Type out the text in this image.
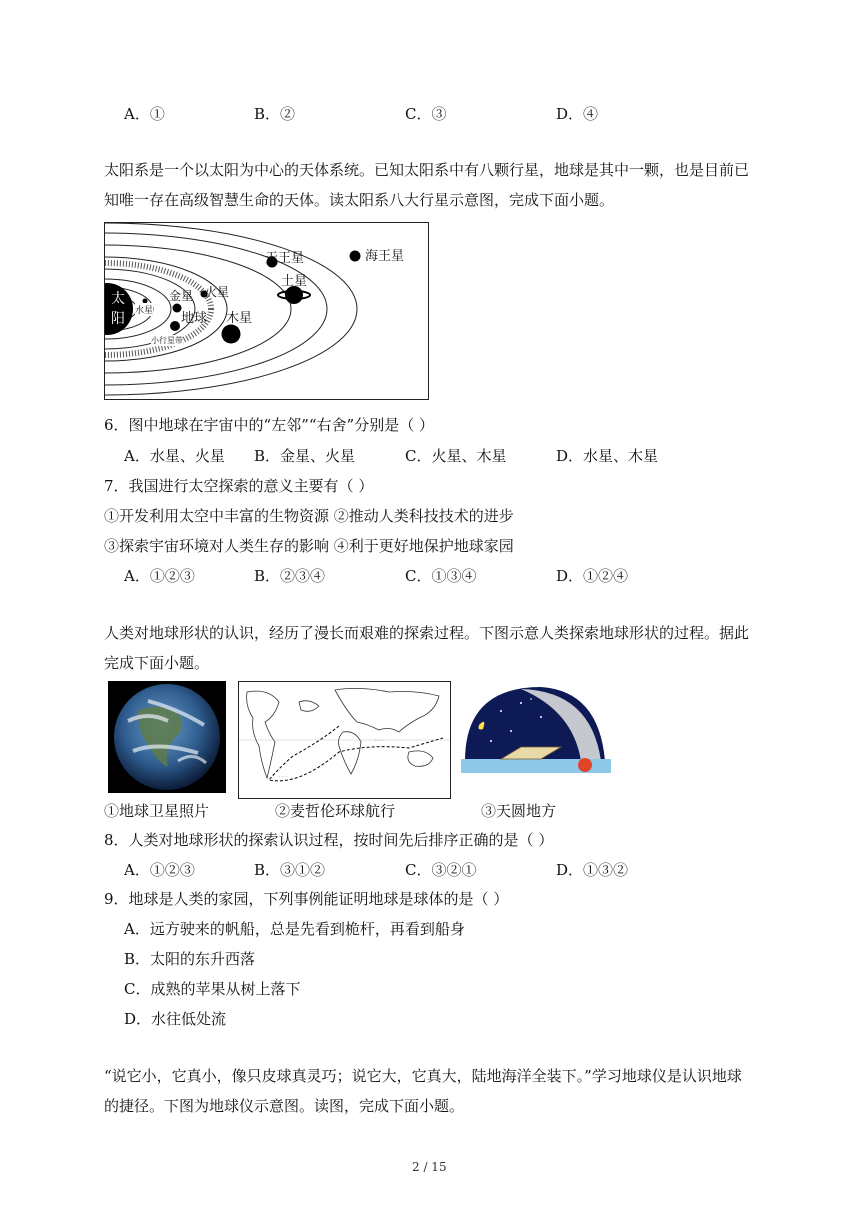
A．①	B．②	C．③	D．④
太阳系是一个以太阳为中心的天体系统。已知太阳系中有八颗行星，地球是其中一颗，也是目前已
知唯一存在高级智慧生命的天体。读太阳系八大行星示意图，完成下面小题。
太
阳 水星
金星
地球
火星
木星
土星
天王星	海王星
小行星带
6．图中地球在宇宙中的“左邻”“右舍”分别是（ ）
A．水星、火星 B．金星、火星	C．火星、木星	D．水星、木星
7．我国进行太空探索的意义主要有（ ）
①开发利用太空中丰富的生物资源 ②推动人类科技技术的进步
③探索宇宙环境对人类生存的影响 ④利于更好地保护地球家园
A．①②③	B．②③④	C．①③④	D．①②④
人类对地球形状的认识，经历了漫长而艰难的探索过程。下图示意人类探索地球形状的过程。据此
完成下面小题。
· · ·
· · ·
①地球卫星照片	②麦哲伦环球航行	③天圆地方
8．人类对地球形状的探索认识过程，按时间先后排序正确的是（ ）
A．①②③	B．③①②	C．③②①	D．①③②
9．地球是人类的家园，下列事例能证明地球是球体的是（ ）
A．远方驶来的帆船，总是先看到桅杆，再看到船身
B．太阳的东升西落
C．成熟的苹果从树上落下
D．水往低处流
“说它小，它真小，像只皮球真灵巧；说它大，它真大，陆地海洋全装下。”学习地球仪是认识地球
的捷径。下图为地球仪示意图。读图，完成下面小题。
2 / 15
